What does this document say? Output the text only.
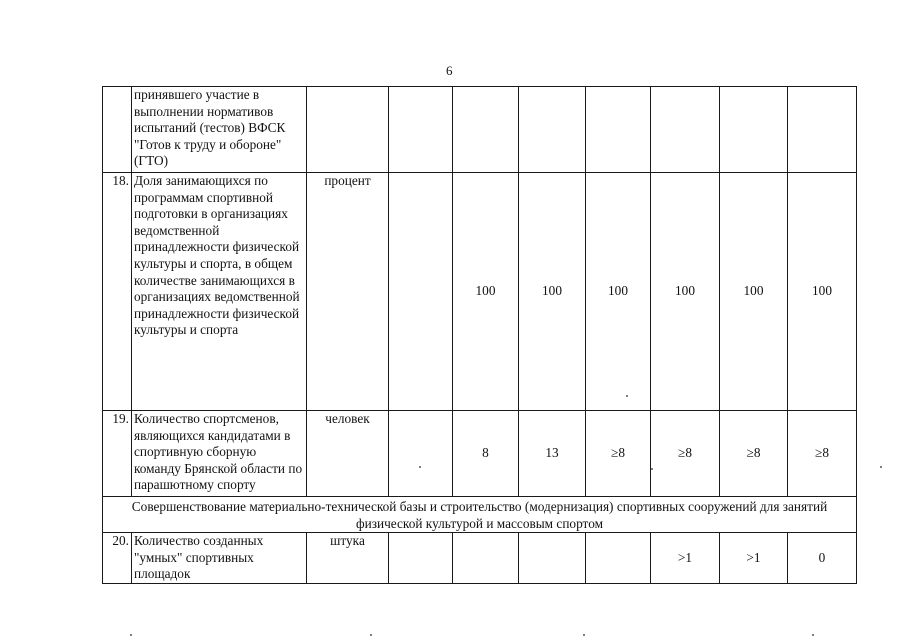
6
	принявшего участие в выполнении нормативов испытаний (тестов) ВФСК "Готов к труду и обороне" (ГТО)								
18.	Доля занимающихся по программам спортивной подготовки в организациях ведомственной принадлежности физической культуры и спорта, в общем количестве занимающихся в организациях ведомственной принадлежности физической культуры и спорта	процент		100	100	100	100	100	100
19.	Количество спортсменов, являющихся кандидатами в спортивную сборную команду Брянской области по парашютному спорту	человек		8	13	≥8	≥8	≥8	≥8
Совершенствование материально-технической базы и строительство (модернизация) спортивных сооружений для занятий физической культурой и массовым спортом									
20.	Количество созданных "умных" спортивных площадок	штука					>1	>1	0
